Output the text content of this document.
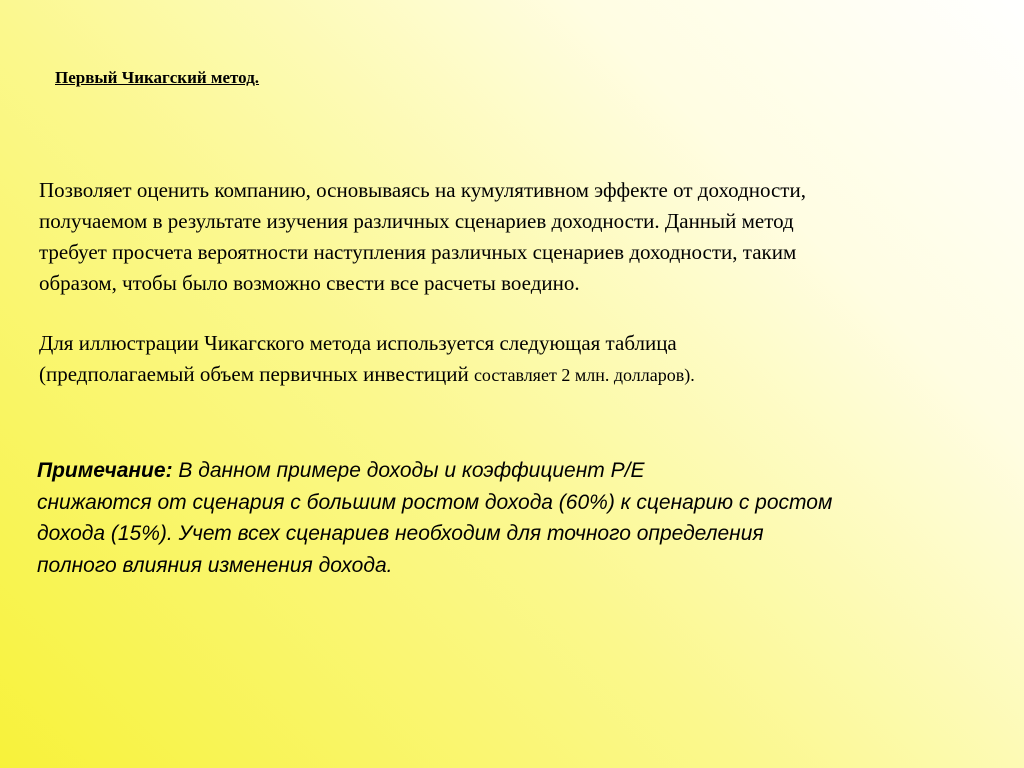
Первый Чикагский метод.
Позволяет оценить компанию, основываясь на кумулятивном эффекте от доходности,
получаемом в результате изучения различных сценариев доходности. Данный метод
требует просчета вероятности наступления различных сценариев доходности, таким
образом, чтобы было возможно свести все расчеты воедино.
Для иллюстрации Чикагского метода используется следующая таблица
(предполагаемый объем первичных инвестиций составляет 2 млн. долларов).
Примечание: В данном примере доходы и коэффициент Р/Е
снижаются от сценария с большим ростом дохода (60%) к сценарию с ростом
дохода (15%). Учет всех сценариев необходим для точного определения
полного влияния изменения дохода.
